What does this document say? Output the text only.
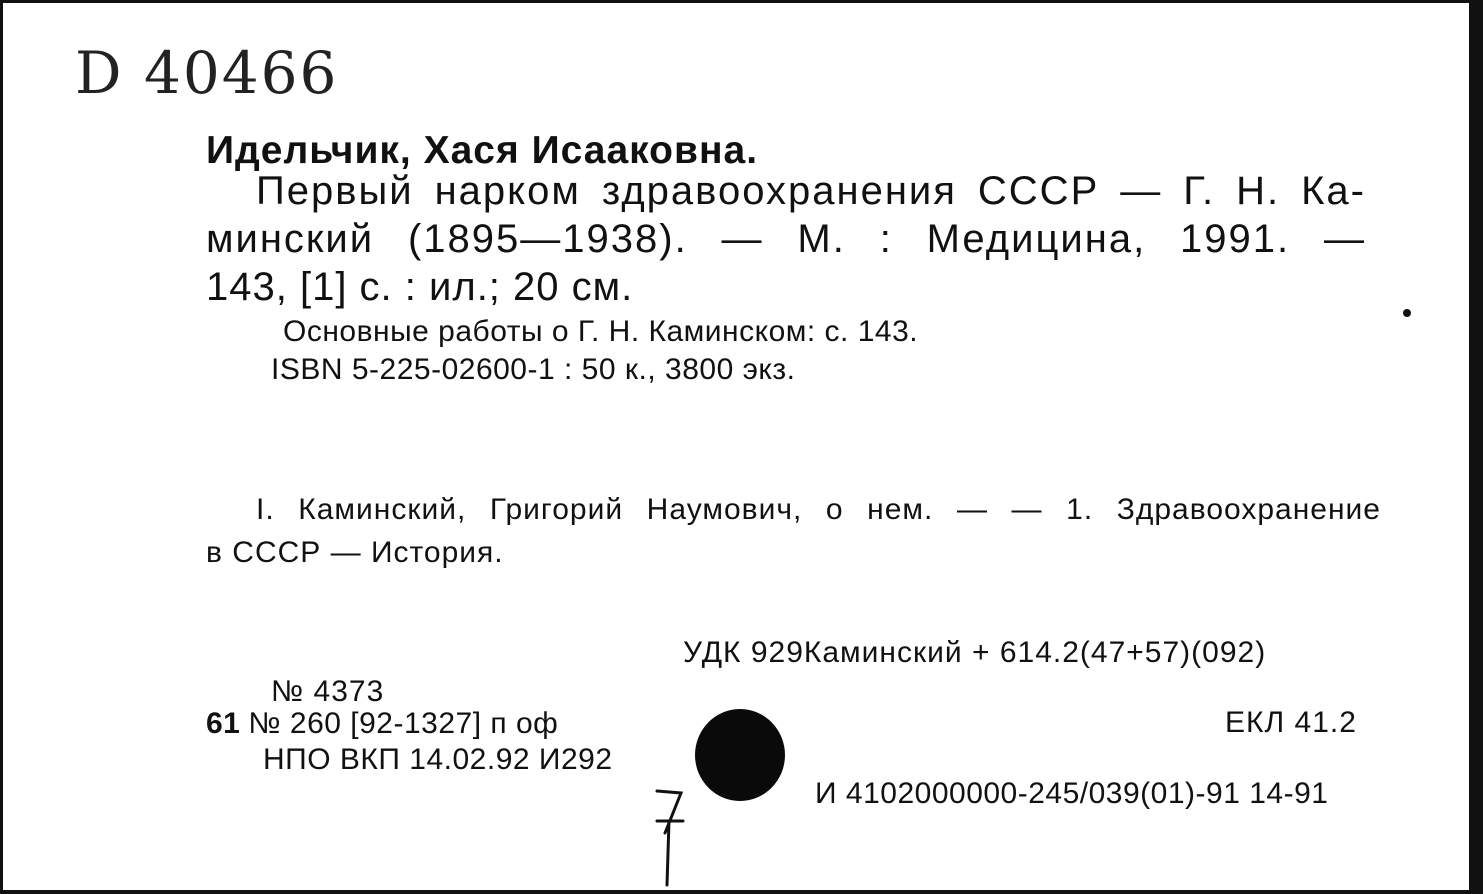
D 40466
Идельчик, Хася Исааковна.
Первый нарком здравоохранения СССР — Г. Н. Ка-
минский (1895—1938). — М. : Медицина, 1991. —
143, [1] с. : ил.; 20 см.
Основные работы о Г. Н. Каминском: с. 143.
ISBN 5-225-02600-1 : 50 к., 3800 экз.
I. Каминский, Григорий Наумович, о нем. — — 1. Здравоохранение
в СССР — История.
УДК 929Каминский + 614.2(47+57)(092)
№ 4373
61 № 260 [92-1327] п оф
НПО ВКП 14.02.92 И292
ЕКЛ 41.2
И 4102000000-245/039(01)-91 14-91
